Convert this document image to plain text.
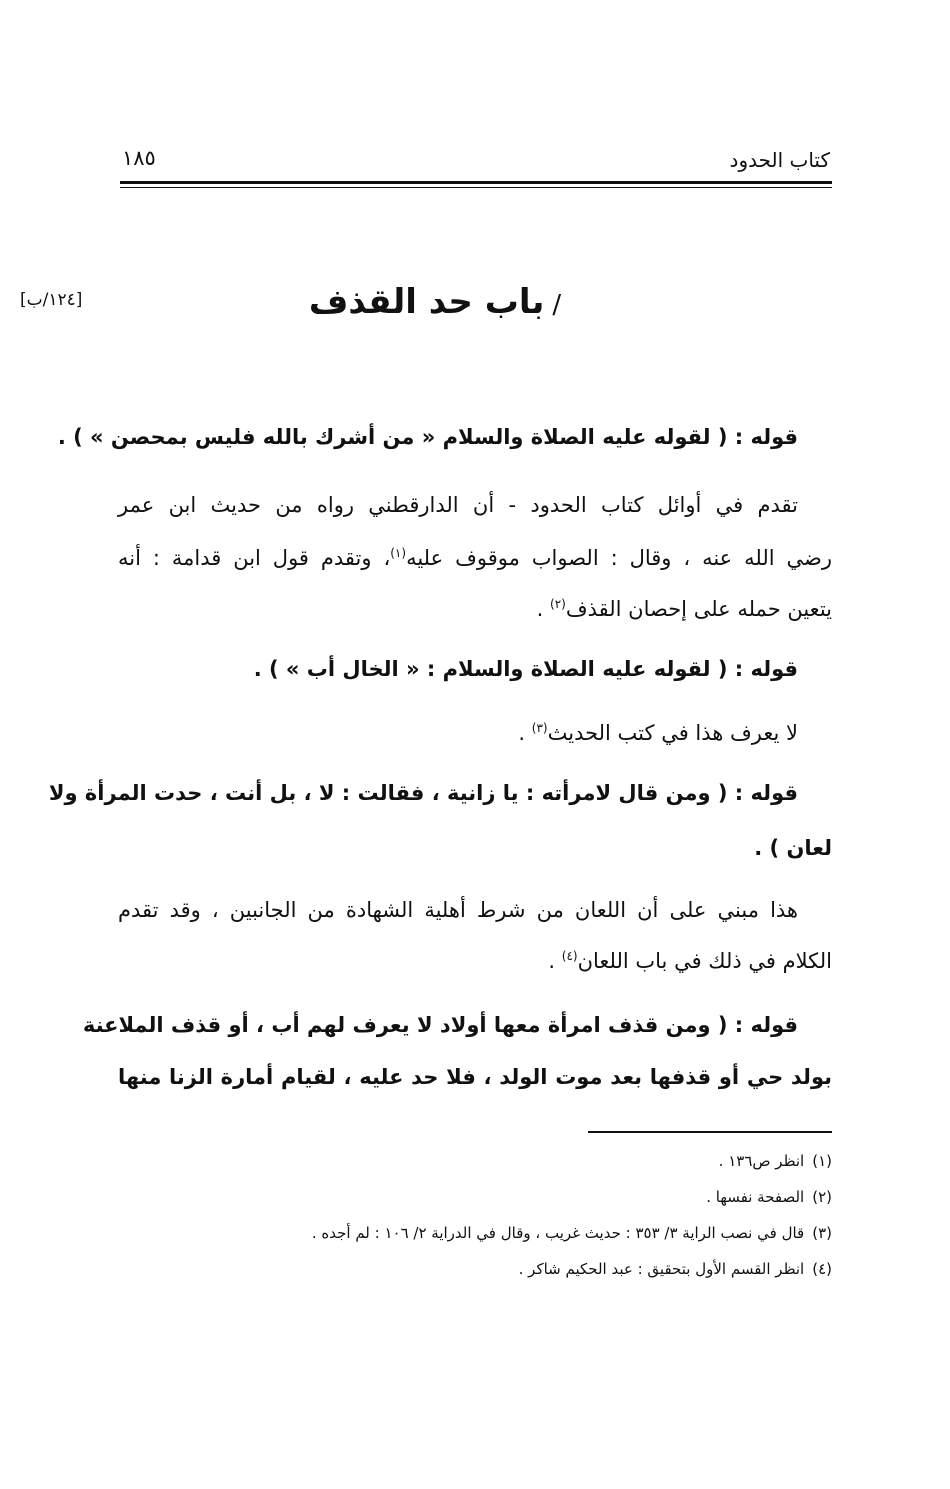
كتاب الحدود
١٨٥
[١٢٤/ب]	/باب حد القذف
قوله : ( لقوله عليه الصلاة والسلام « من أشرك بالله فليس بمحصن » ) .
تقدم في أوائل كتاب الحدود - أن الدارقطني رواه من حديث ابن عمر
رضي الله عنه ، وقال : الصواب موقوف عليه$^{(١)}$، وتقدم قول ابن قدامة : أنه
يتعين حمله على إحصان القذف$^{(٢)}$ .
قوله : ( لقوله عليه الصلاة والسلام : « الخال أب » ) .
لا يعرف هذا في كتب الحديث$^{(٣)}$ .
قوله : ( ومن قال لامرأته : يا زانية ، فقالت : لا ، بل أنت ، حدت المرأة ولا
لعان ) .
هذا مبني على أن اللعان من شرط أهلية الشهادة من الجانبين ، وقد تقدم
الكلام في ذلك في باب اللعان$^{(٤)}$ .
قوله : ( ومن قذف امرأة معها أولاد لا يعرف لهم أب ، أو قذف الملاعنة
بولد حي أو قذفها بعد موت الولد ، فلا حد عليه ، لقيام أمارة الزنا منها
(١)انظر ص١٣٦ .
(٢)الصفحة نفسها .
(٣)قال في نصب الراية ٣/ ٣٥٣ : حديث غريب ، وقال في الدراية ٢/ ١٠٦ : لم أجده .
(٤)انظر القسم الأول بتحقيق : عبد الحكيم شاكر .
